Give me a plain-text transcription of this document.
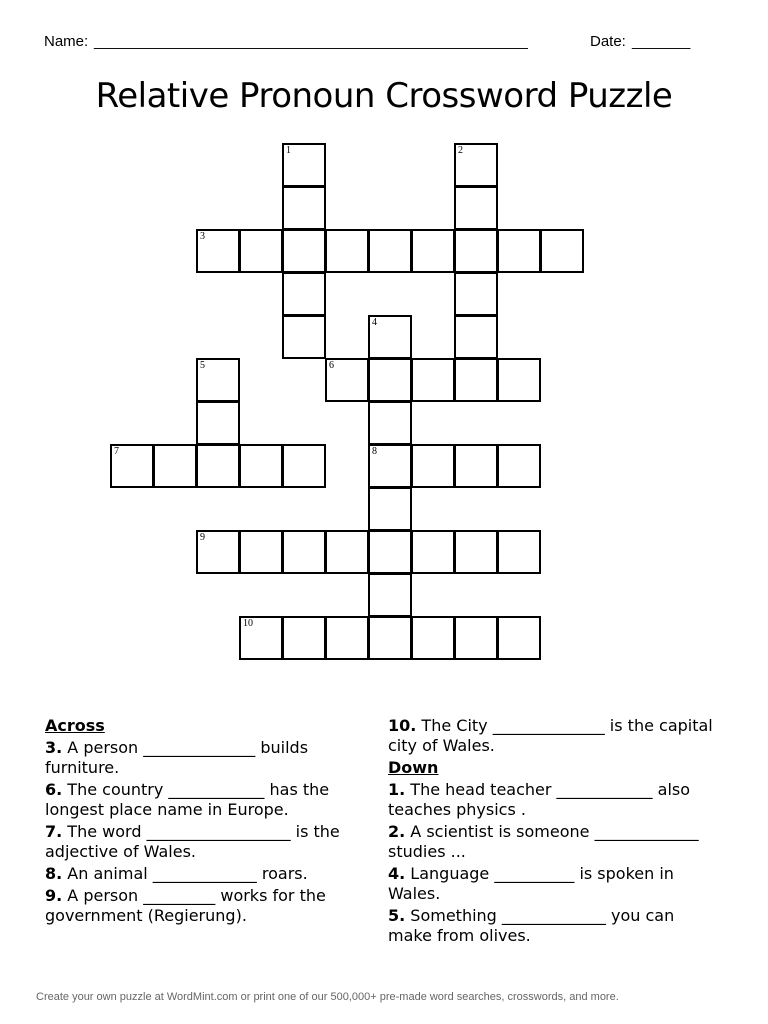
Name: ____________________________________________________	Date: _______
Relative Pronoun Crossword Puzzle
3
6
7	8
9
10
1	2
4
5
Across
3. A person ______________ builds furniture.
6. The country ____________ has the longest place name in Europe.
7. The word __________________ is the adjective of Wales.
8. An animal _____________ roars.
9. A person _________ works for the government (Regierung).
10. The City ______________ is the capital city of Wales.
Down
1. The head teacher ____________ also teaches physics .
2. A scientist is someone _____________ studies ...
4. Language __________ is spoken in Wales.
5. Something _____________ you can make from olives.
Create your own puzzle at WordMint.com or print one of our 500,000+ pre-made word searches, crosswords, and more.
